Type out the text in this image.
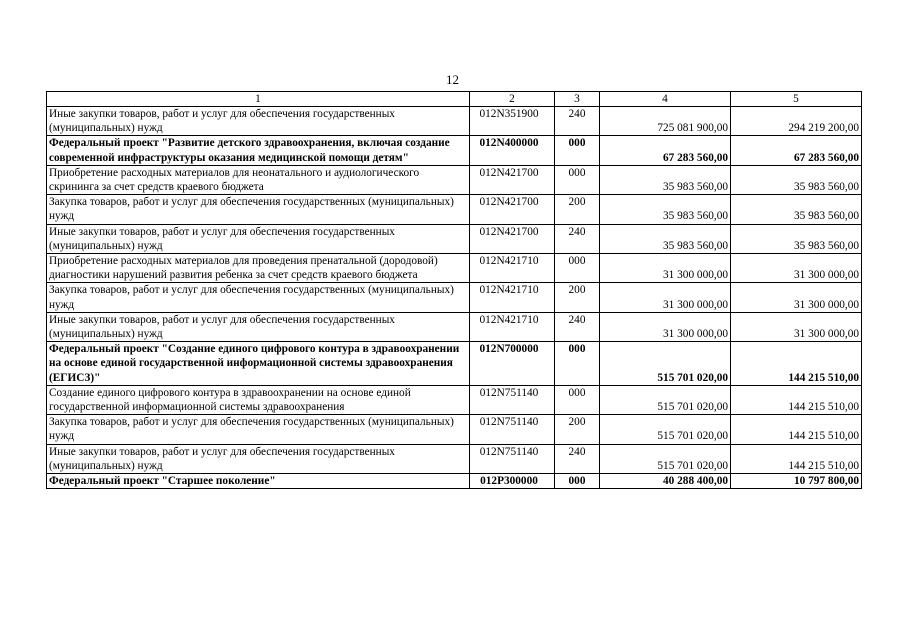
12
1	2	3	4	5
Иные закупки товаров, работ и услуг для обеспечения государственных (муниципальных) нужд	012N351900	240	725 081 900,00	294 219 200,00
Федеральный проект "Развитие детского здравоохранения, включая создание современной инфраструктуры оказания медицинской помощи детям"	012N400000	000	67 283 560,00	67 283 560,00
Приобретение расходных материалов для неонатального и аудиологического скрининга за счет средств краевого бюджета	012N421700	000	35 983 560,00	35 983 560,00
Закупка товаров, работ и услуг для обеспечения государственных (муниципальных) нужд	012N421700	200	35 983 560,00	35 983 560,00
Иные закупки товаров, работ и услуг для обеспечения государственных (муниципальных) нужд	012N421700	240	35 983 560,00	35 983 560,00
Приобретение расходных материалов для проведения пренатальной (дородовой) диагностики нарушений развития ребенка за счет средств краевого бюджета	012N421710	000	31 300 000,00	31 300 000,00
Закупка товаров, работ и услуг для обеспечения государственных (муниципальных) нужд	012N421710	200	31 300 000,00	31 300 000,00
Иные закупки товаров, работ и услуг для обеспечения государственных (муниципальных) нужд	012N421710	240	31 300 000,00	31 300 000,00
Федеральный проект "Создание единого цифрового контура в здравоохранении на основе единой государственной информационной системы здравоохранения (ЕГИСЗ)"	012N700000	000	515 701 020,00	144 215 510,00
Создание единого цифрового контура в здравоохранении на основе единой государственной информационной системы здравоохранения	012N751140	000	515 701 020,00	144 215 510,00
Закупка товаров, работ и услуг для обеспечения государственных (муниципальных) нужд	012N751140	200	515 701 020,00	144 215 510,00
Иные закупки товаров, работ и услуг для обеспечения государственных (муниципальных) нужд	012N751140	240	515 701 020,00	144 215 510,00
Федеральный проект "Старшее поколение"	012P300000	000	40 288 400,00	10 797 800,00
